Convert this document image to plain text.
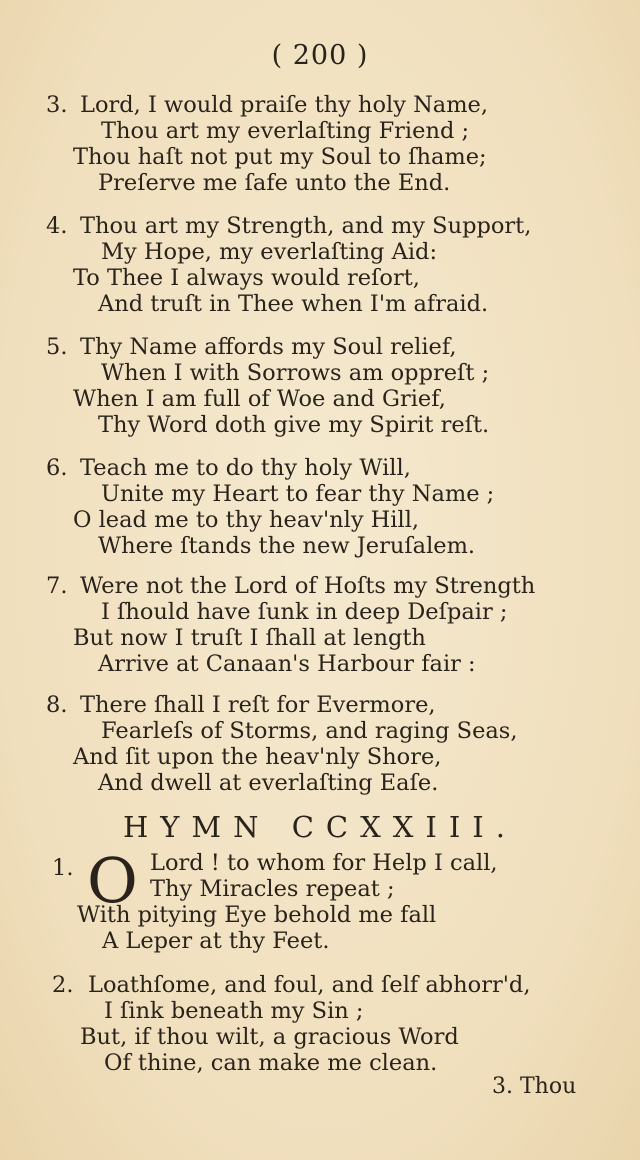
( 200 )
3. Lord, I would praiſe thy holy Name,
Thou art my everlaſting Friend ;
Thou haſt not put my Soul to ſhame;
Preſerve me ſafe unto the End.
4. Thou art my Strength, and my Support,
My Hope, my everlaſting Aid:
To Thee I always would reſort,
And truſt in Thee when I'm afraid.
5. Thy Name affords my Soul relief,
When I with Sorrows am oppreſt ;
When I am full of Woe and Grief,
Thy Word doth give my Spirit reſt.
6. Teach me to do thy holy Will,
Unite my Heart to fear thy Name ;
O lead me to thy heav'nly Hill,
Where ſtands the new Jeruſalem.
7. Were not the Lord of Hoſts my Strength
I ſhould have ſunk in deep Deſpair ;
But now I truſt I ſhall at length
Arrive at Canaan's Harbour fair :
8. There ſhall I reſt for Evermore,
Fearleſs of Storms, and raging Seas,
And ſit upon the heav'nly Shore,
And dwell at everlaſting Eaſe.
HYMN CCXXIII.
1. O Lord ! to whom for Help I call,
Thy Miracles repeat ;
With pitying Eye behold me fall
A Leper at thy Feet.
2. Loathſome, and foul, and ſelf abhorr'd,
I ſink beneath my Sin ;
But, if thou wilt, a gracious Word
Of thine, can make me clean.
3. Thou
